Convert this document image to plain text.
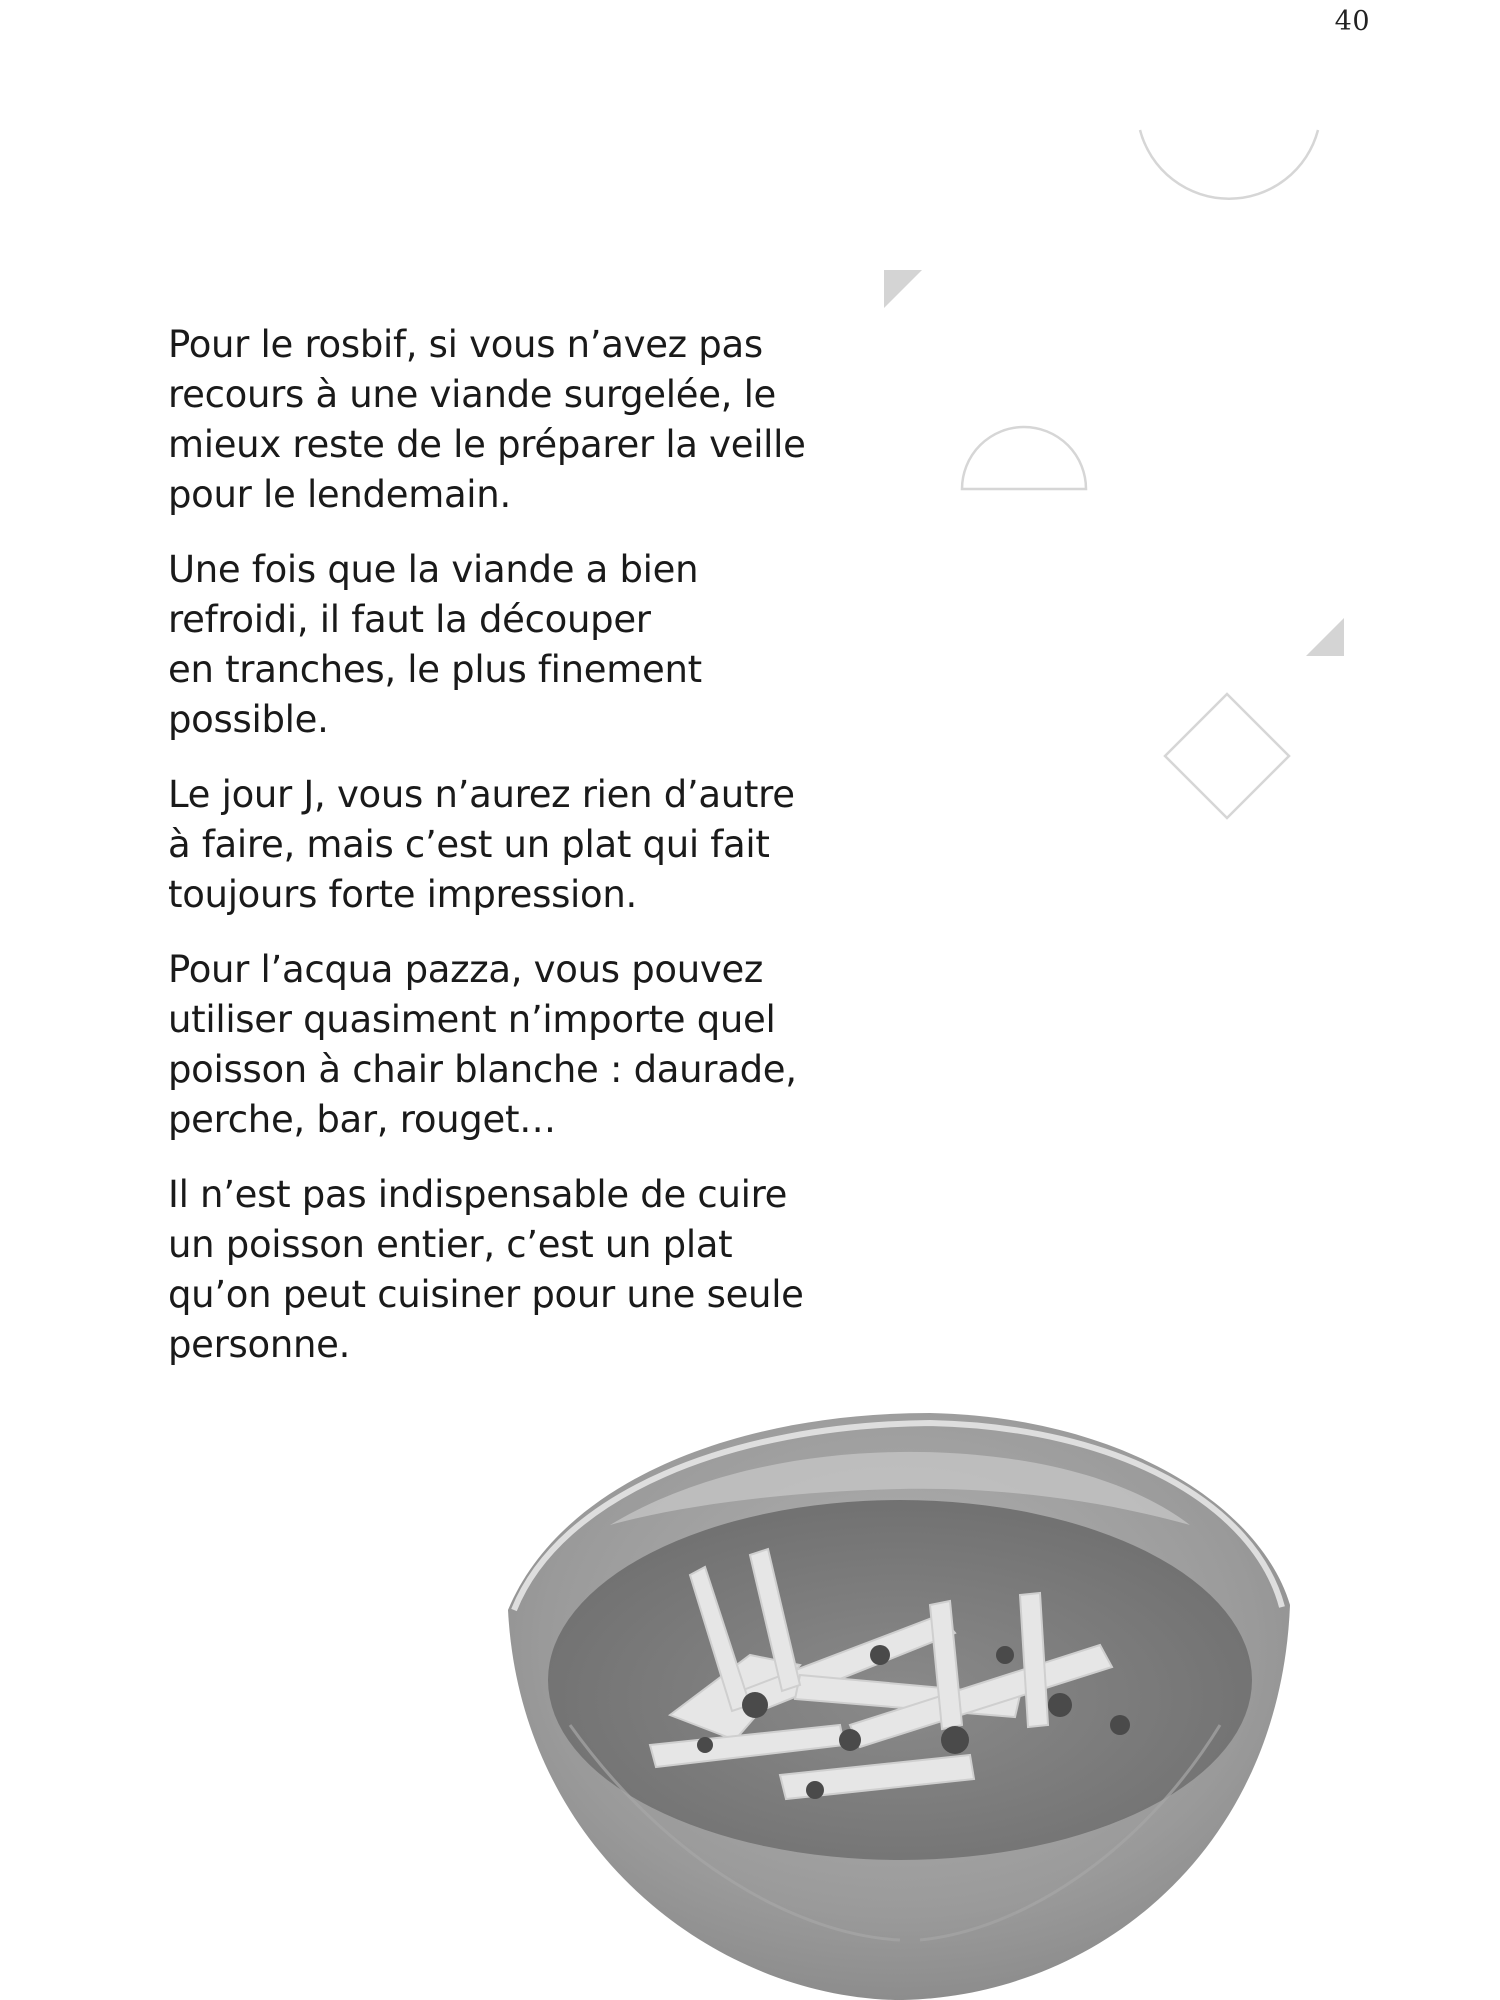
40

Pour le rosbif, si vous n’avez pas
recours à une viande surgelée, le
mieux reste de le préparer la veille
pour le lendemain.

Une fois que la viande a bien
refroidi, il faut la découper
en tranches, le plus finement
possible.

Le jour J, vous n’aurez rien d’autre
à faire, mais c’est un plat qui fait
toujours forte impression.

Pour l’acqua pazza, vous pouvez
utiliser quasiment n’importe quel
poisson à chair blanche : daurade,
perche, bar, rouget…

Il n’est pas indispensable de cuire
un poisson entier, c’est un plat
qu’on peut cuisiner pour une seule
personne.
